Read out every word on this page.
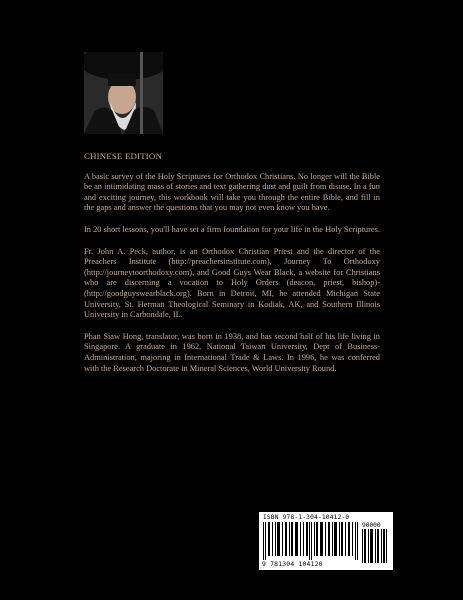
CHINESE EDITION

A basic survey of the Holy Scriptures for Orthodox Christians. No longer will the Bible be an intimidating mass of stories and text gathering dust and guilt from disuse. In a fun and exciting journey, this workbook will take you through the entire Bible, and fill in the gaps and answer the questions that you may not even know you have.

In 20 short lessons, you'll have set a firm foundation for your life in the Holy Scriptures.

Fr. John A. Peck, author, is an Orthodox Christian Priest and the director of the Preachers Institute (http://preachersinstitute.com), Journey To Orthodoxy (http://journeytoorthodoxy.com), and Good Guys Wear Black, a website for Christians who are discerning a vocation to Holy Orders (deacon, priest, bishop)-(http://goodguyswearblack.org). Born in Detroit, MI, he attended Michigan State University, St. Herman Theological Seminary in Kodiak, AK, and Southern Illinois University in Carbondale, IL.

Phan Siaw Hong, translator, was born in 1938, and has second half of his life living in Singapore. A graduate in 1962, National Taiwan University, Dept of Business-Administration, majoring in International Trade & Laws. In 1996, he was conferred with the Research Doctorate in Mineral Sciences, World University Round.

ISBN 978-1-304-10412-0
9 781304 104120
90000
